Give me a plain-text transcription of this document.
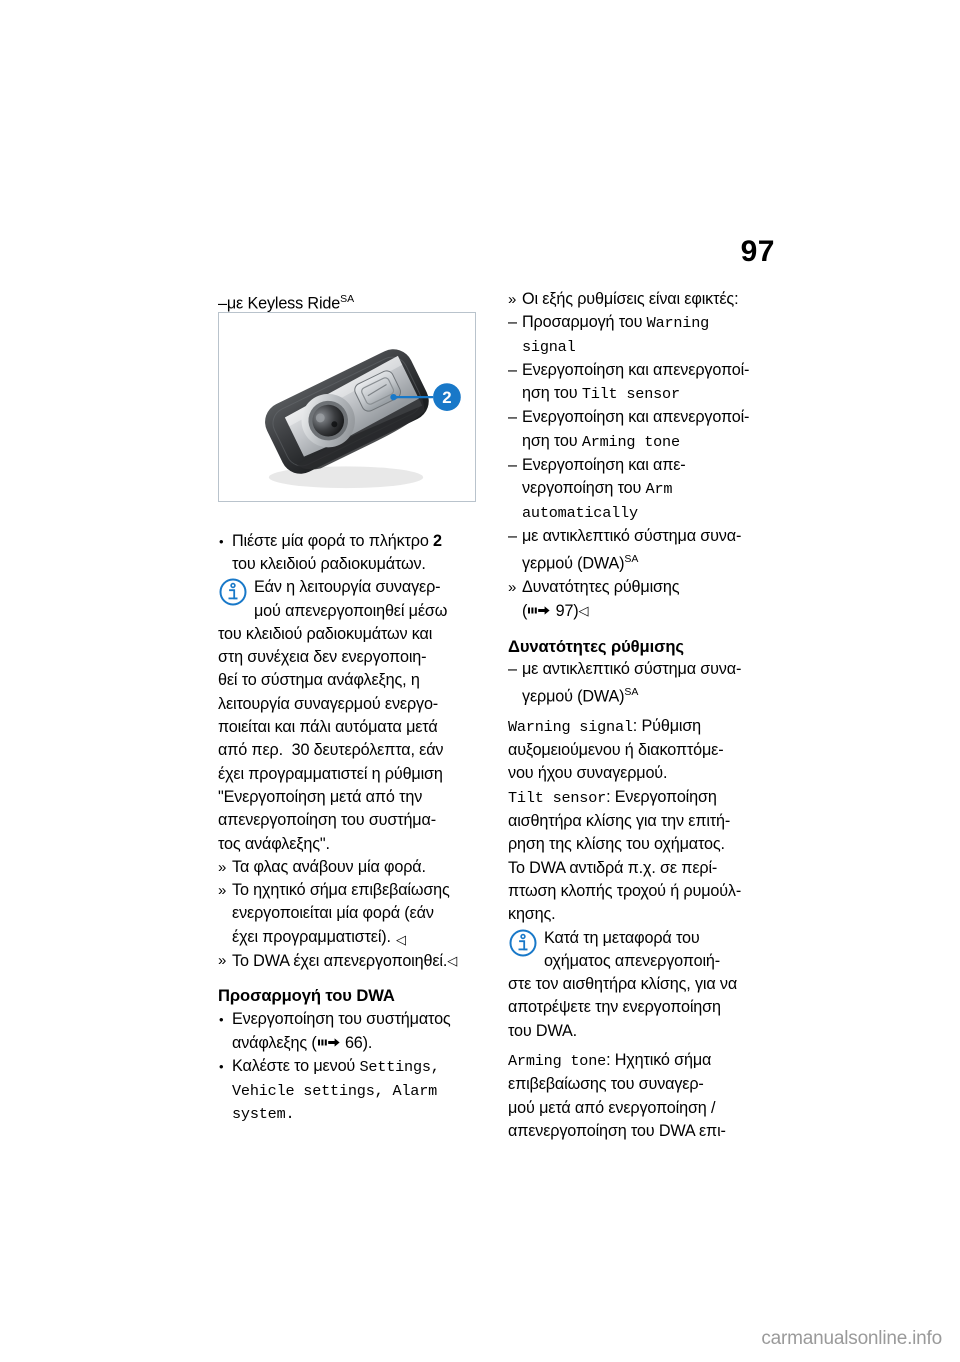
97
–με Keyless Ride$^{SA}$
2
• Πιέστε μία φορά το πλήκτρο 2
του κλειδιού ραδιοκυμάτων.
Εάν η λειτουργία συναγερ-
μού απενεργοποιηθεί μέσω
του κλειδιού ραδιοκυμάτων και
στη συνέχεια δεν ενεργοποιη-
θεί το σύστημα ανάφλεξης, η
λειτουργία συναγερμού ενεργο-
ποιείται και πάλι αυτόματα μετά
από περ.  30 δευτερόλεπτα, εάν
έχει προγραμματιστεί η ρύθμιση
"Ενεργοποίηση μετά από την
απενεργοποίηση του συστήμα-
τος ανάφλεξης".
» Τα φλας ανάβουν μία φορά.
» Το ηχητικό σήμα επιβεβαίωσης
ενεργοποιείται μία φορά (εάν
έχει προγραμματιστεί).
» Το DWA έχει απενεργοποιηθεί.◁
Προσαρμογή του DWA
• Ενεργοποίηση του συστήματος
ανάφλεξης ( 66).
• Καλέστε το μενού Settings,
Vehicle settings, Alarm
system.
» Οι εξής ρυθμίσεις είναι εφικτές:
– Προσαρμογή του Warning
signal
– Ενεργοποίηση και απενεργοποί-
ηση του Tilt sensor
– Ενεργοποίηση και απενεργοποί-
ηση του Arming tone
– Ενεργοποίηση και απε-
νεργοποίηση του Arm
automatically
– με αντικλεπτικό σύστημα συνα-
γερμού (DWA)$^{SA}$
» Δυνατότητες ρύθμισης
( 97)◁
Δυνατότητες ρύθμισης
– με αντικλεπτικό σύστημα συνα-
γερμού (DWA)$^{SA}$
Warning signal: Ρύθμιση
αυξομειούμενου ή διακοπτόμε-
νου ήχου συναγερμού.
Tilt sensor: Ενεργοποίηση
αισθητήρα κλίσης για την επιτή-
ρηση της κλίσης του οχήματος.
Το DWA αντιδρά π.χ. σε περί-
πτωση κλοπής τροχού ή ρυμούλ-
κησης.
Κατά τη μεταφορά του
οχήματος απενεργοποιή-
στε τον αισθητήρα κλίσης, για να
αποτρέψετε την ενεργοποίηση
του DWA.
Arming tone: Ηχητικό σήμα
επιβεβαίωσης του συναγερ-
μού μετά από ενεργοποίηση /
απενεργοποίηση του DWA επι-
◁
carmanualsonline.info
